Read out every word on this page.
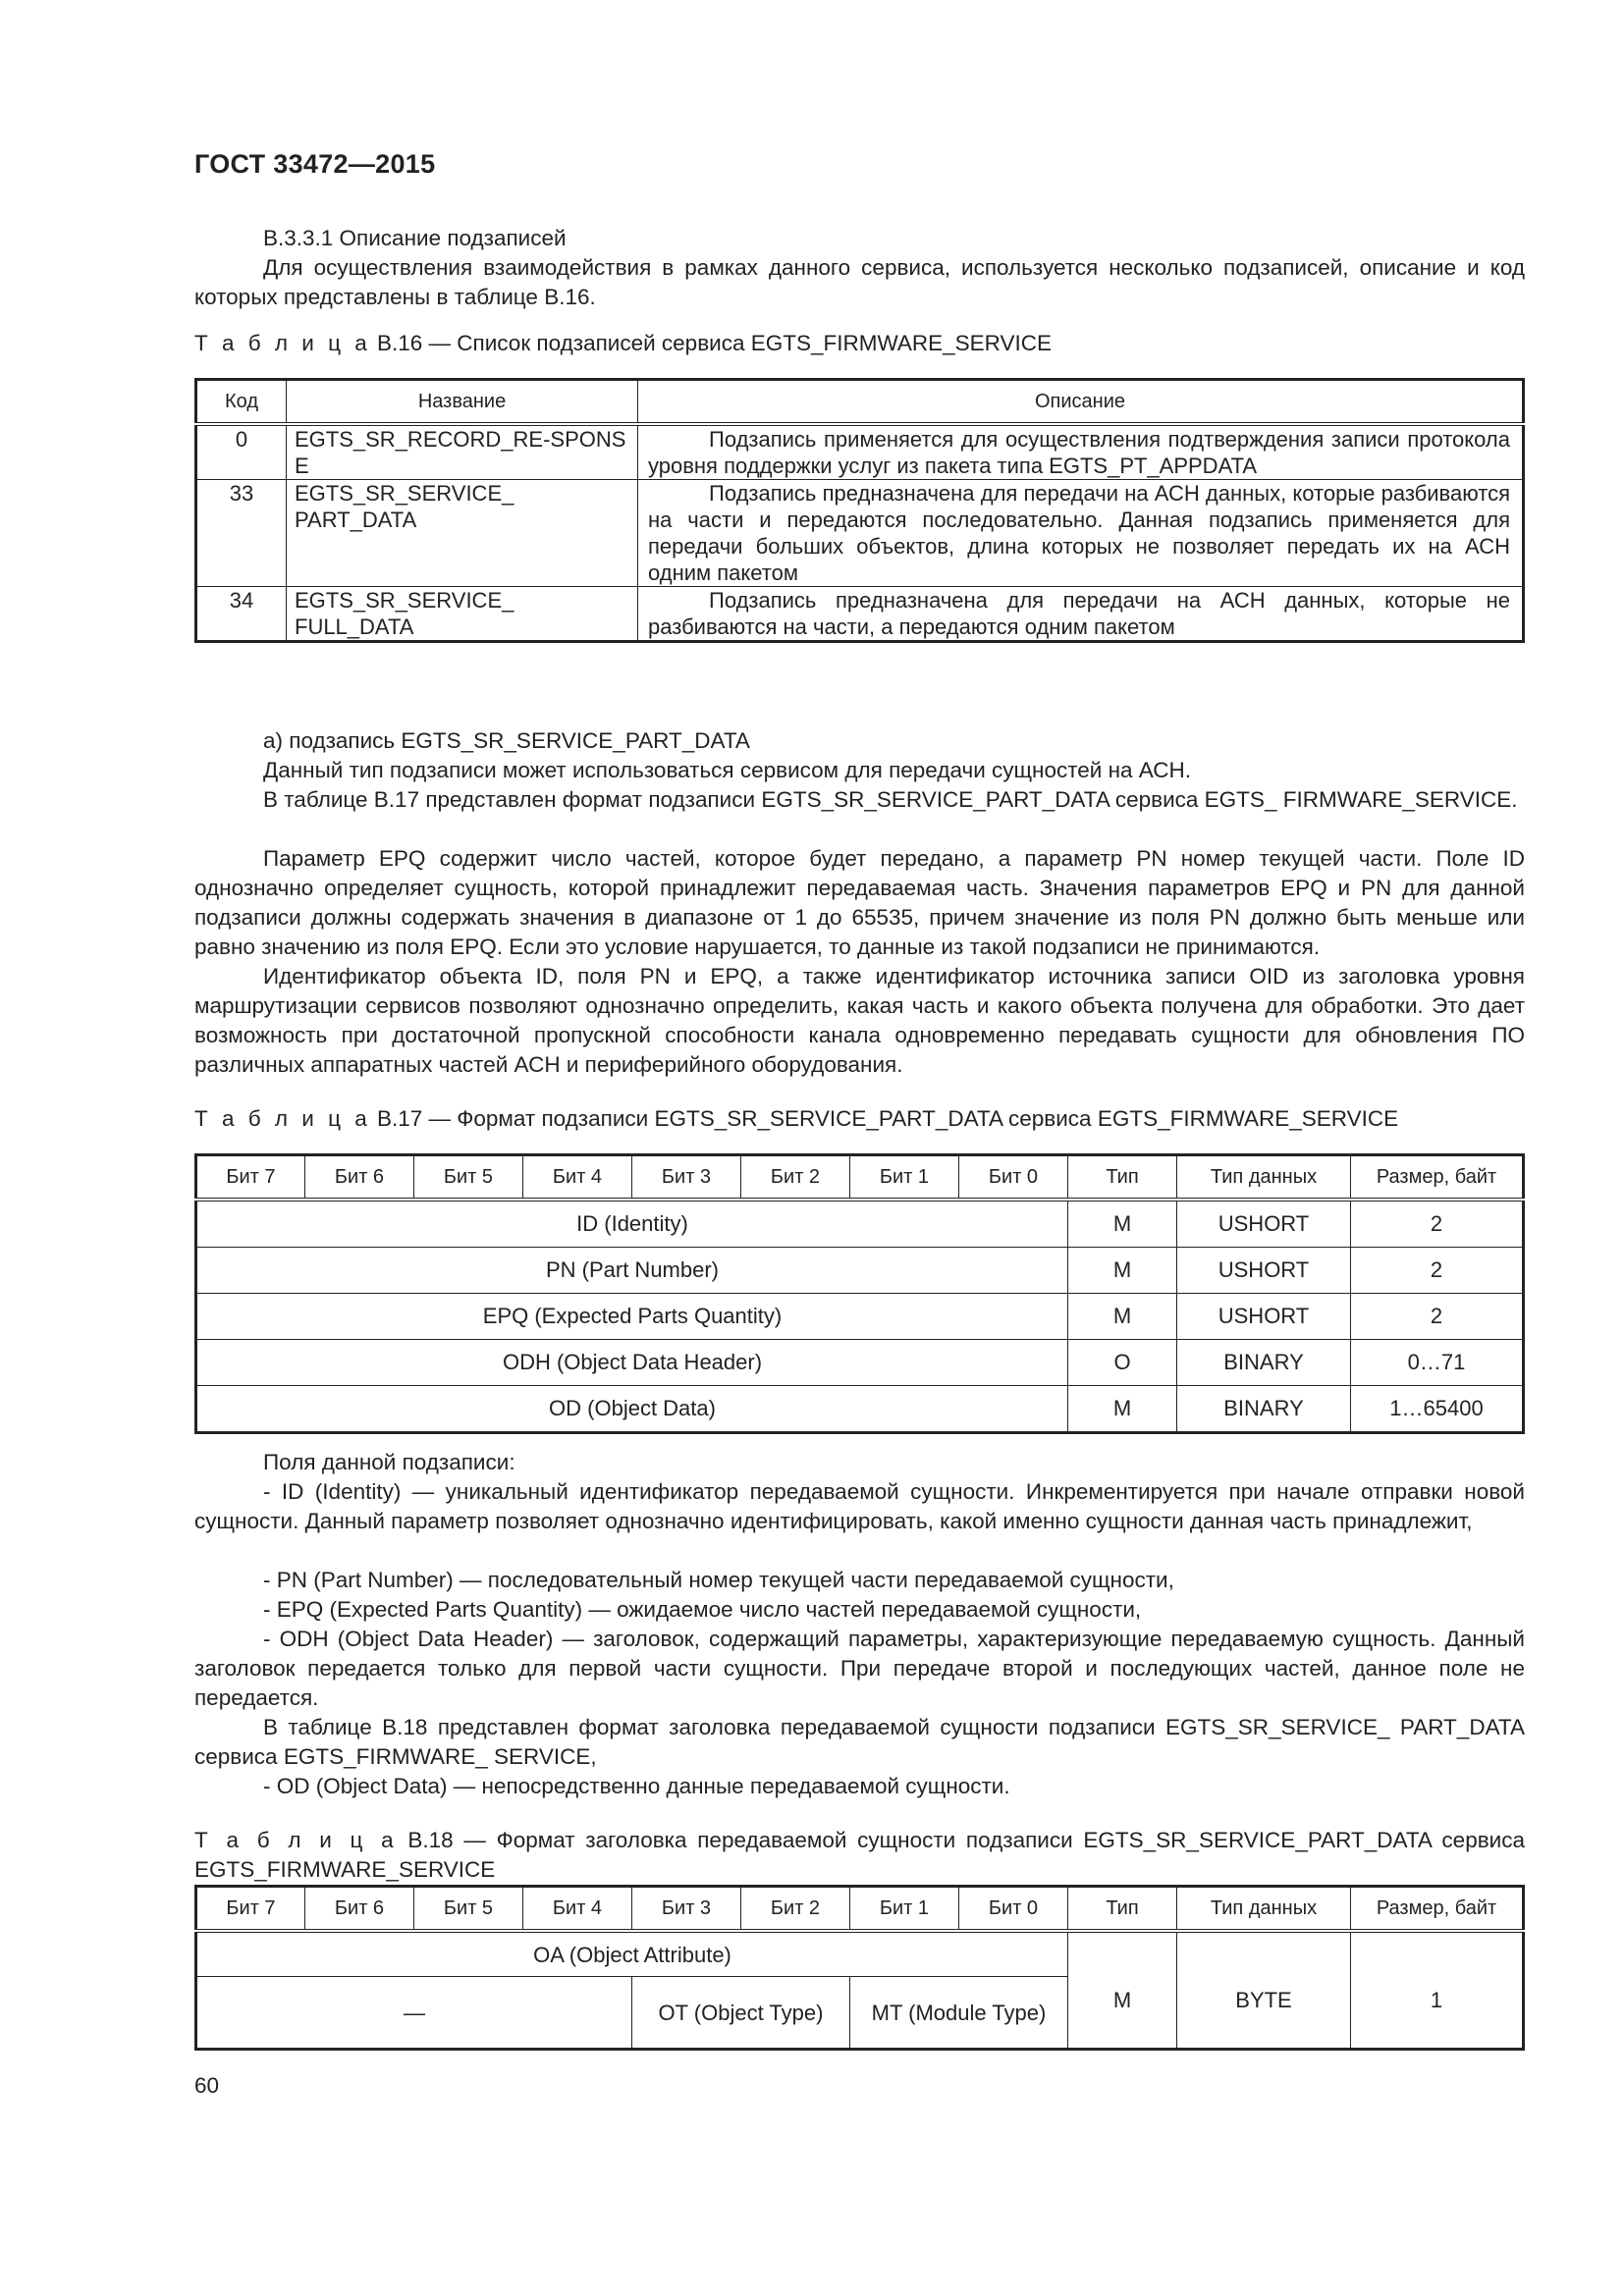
ГОСТ 33472—2015
В.3.3.1 Описание подзаписей
Для осуществления взаимодействия в рамках данного сервиса, используется несколько подзаписей, описание и код которых представлены в таблице В.16.
Т а б л и ц а В.16 — Список подзаписей сервиса EGTS_FIRMWARE_SERVICE
Код	Название	Описание
0	EGTS_SR_RECORD_RE-SPONSE	Подзапись применяется для осуществления подтверждения записи протокола уровня поддержки услуг из пакета типа EGTS_PT_APPDATA
33	EGTS_SR_SERVICE_ PART_DATA	Подзапись предназначена для передачи на АСН данных, которые разбиваются на части и передаются последовательно. Данная подзапись применяется для передачи больших объектов, длина которых не позволяет передать их на АСН одним пакетом
34	EGTS_SR_SERVICE_ FULL_DATA	Подзапись предназначена для передачи на АСН данных, которые не разбиваются на части, а передаются одним пакетом
а) подзапись EGTS_SR_SERVICE_PART_DATA
Данный тип подзаписи может использоваться сервисом для передачи сущностей на АСН.
В таблице В.17 представлен формат подзаписи EGTS_SR_SERVICE_PART_DATA сервиса EGTS_ FIRMWARE_SERVICE.
Параметр EPQ содержит число частей, которое будет передано, а параметр PN номер текущей части. Поле ID однозначно определяет сущность, которой принадлежит передаваемая часть. Значения параметров EPQ и PN для данной подзаписи должны содержать значения в диапазоне от 1 до 65535, причем значение из поля PN должно быть меньше или равно значению из поля EPQ. Если это условие нарушается, то данные из такой подзаписи не принимаются.
Идентификатор объекта ID, поля PN и EPQ, а также идентификатор источника записи OID из заголовка уровня маршрутизации сервисов позволяют однозначно определить, какая часть и какого объекта получена для обработки. Это дает возможность при достаточной пропускной способности канала одновременно передавать сущности для обновления ПО различных аппаратных частей АСН и периферийного оборудования.
Т а б л и ц а В.17 — Формат подзаписи EGTS_SR_SERVICE_PART_DATA сервиса EGTS_FIRMWARE_SERVICE
Бит 7	Бит 6	Бит 5	Бит 4	Бит 3	Бит 2	Бит 1	Бит 0	Тип	Тип данных	Размер, байт
ID (Identity)								M	USHORT	2
PN (Part Number)								M	USHORT	2
EPQ (Expected Parts Quantity)								M	USHORT	2
ODH (Object Data Header)								O	BINARY	0…71
OD (Object Data)								M	BINARY	1…65400
Поля данной подзаписи:
- ID (Identity) — уникальный идентификатор передаваемой сущности. Инкрементируется при начале отправки новой сущности. Данный параметр позволяет однозначно идентифицировать, какой именно сущности данная часть принадлежит,
- PN (Part Number) — последовательный номер текущей части передаваемой сущности,
- EPQ (Expected Parts Quantity) — ожидаемое число частей передаваемой сущности,
- ODH (Object Data Header) — заголовок, содержащий параметры, характеризующие передаваемую сущность. Данный заголовок передается только для первой части сущности. При передаче второй и последующих частей, данное поле не передается.
В таблице В.18 представлен формат заголовка передаваемой сущности подзаписи EGTS_SR_SERVICE_ PART_DATA сервиса EGTS_FIRMWARE_ SERVICE,
- OD (Object Data) — непосредственно данные передаваемой сущности.
Т а б л и ц а В.18 — Формат заголовка передаваемой сущности подзаписи EGTS_SR_SERVICE_PART_DATA сервиса EGTS_FIRMWARE_SERVICE
Бит 7	Бит 6	Бит 5	Бит 4	Бит 3	Бит 2	Бит 1	Бит 0	Тип	Тип данных	Размер, байт
OA (Object Attribute)								M	BYTE	1
—				OT (Object Type)		MT (Module Type)				
60
